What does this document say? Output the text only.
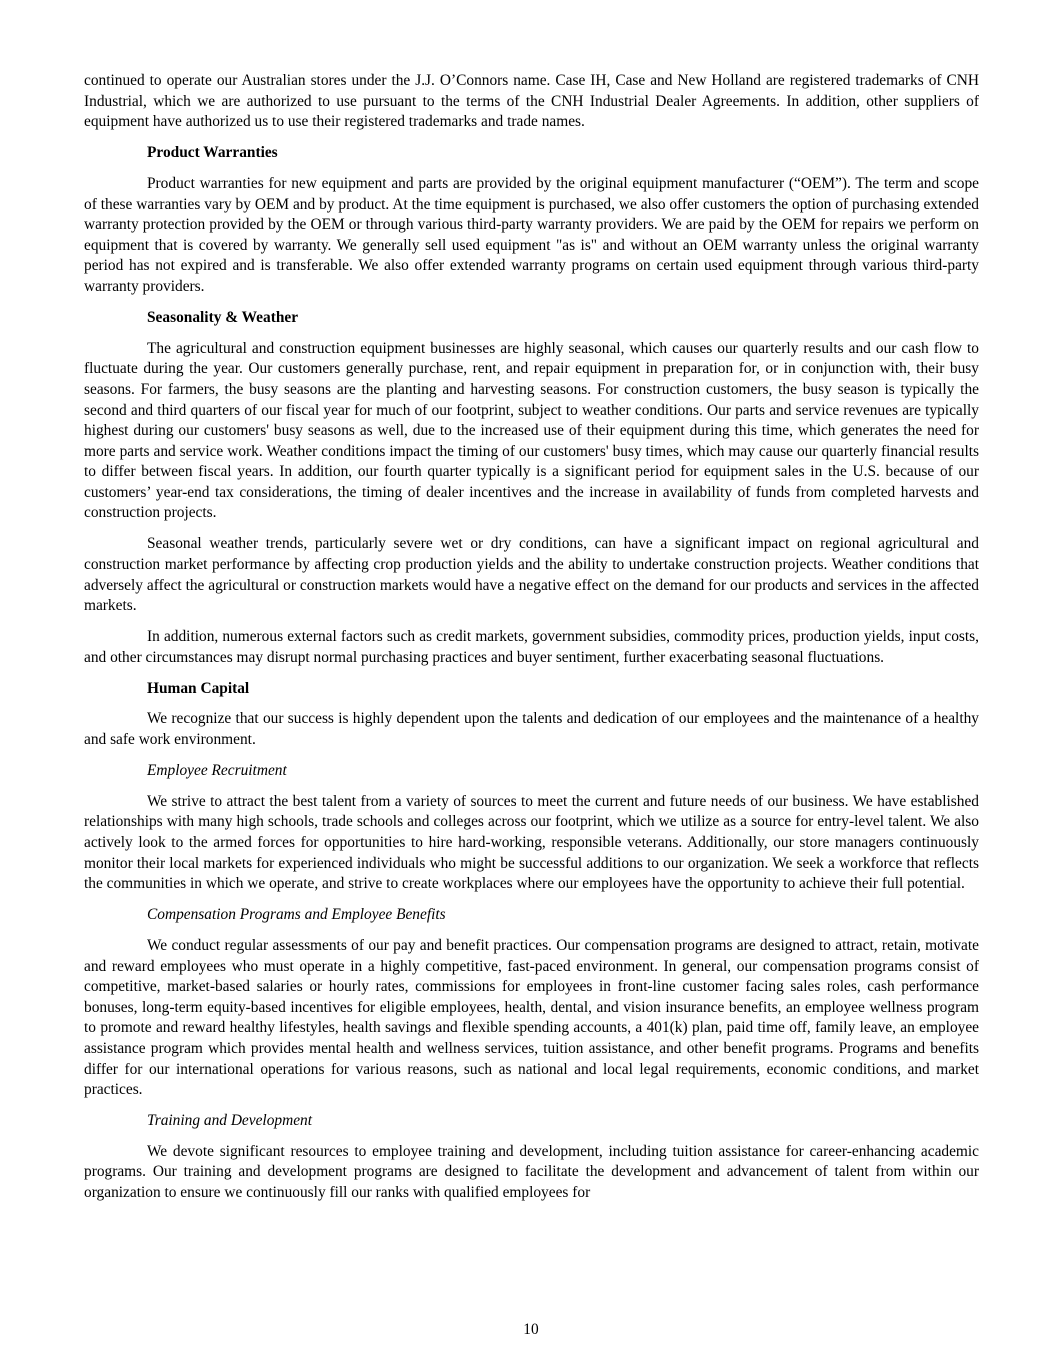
continued to operate our Australian stores under the J.J. O’Connors name. Case IH, Case and New Holland are registered trademarks of CNH Industrial, which we are authorized to use pursuant to the terms of the CNH Industrial Dealer Agreements. In addition, other suppliers of equipment have authorized us to use their registered trademarks and trade names.

Product Warranties

Product warranties for new equipment and parts are provided by the original equipment manufacturer (“OEM”). The term and scope of these warranties vary by OEM and by product. At the time equipment is purchased, we also offer customers the option of purchasing extended warranty protection provided by the OEM or through various third-party warranty providers. We are paid by the OEM for repairs we perform on equipment that is covered by warranty. We generally sell used equipment "as is" and without an OEM warranty unless the original warranty period has not expired and is transferable. We also offer extended warranty programs on certain used equipment through various third-party warranty providers.

Seasonality & Weather

The agricultural and construction equipment businesses are highly seasonal, which causes our quarterly results and our cash flow to fluctuate during the year. Our customers generally purchase, rent, and repair equipment in preparation for, or in conjunction with, their busy seasons. For farmers, the busy seasons are the planting and harvesting seasons. For construction customers, the busy season is typically the second and third quarters of our fiscal year for much of our footprint, subject to weather conditions. Our parts and service revenues are typically highest during our customers' busy seasons as well, due to the increased use of their equipment during this time, which generates the need for more parts and service work. Weather conditions impact the timing of our customers' busy times, which may cause our quarterly financial results to differ between fiscal years. In addition, our fourth quarter typically is a significant period for equipment sales in the U.S. because of our customers’ year-end tax considerations, the timing of dealer incentives and the increase in availability of funds from completed harvests and construction projects.

Seasonal weather trends, particularly severe wet or dry conditions, can have a significant impact on regional agricultural and construction market performance by affecting crop production yields and the ability to undertake construction projects. Weather conditions that adversely affect the agricultural or construction markets would have a negative effect on the demand for our products and services in the affected markets.

In addition, numerous external factors such as credit markets, government subsidies, commodity prices, production yields, input costs, and other circumstances may disrupt normal purchasing practices and buyer sentiment, further exacerbating seasonal fluctuations.

Human Capital

We recognize that our success is highly dependent upon the talents and dedication of our employees and the maintenance of a healthy and safe work environment.

Employee Recruitment

We strive to attract the best talent from a variety of sources to meet the current and future needs of our business. We have established relationships with many high schools, trade schools and colleges across our footprint, which we utilize as a source for entry-level talent. We also actively look to the armed forces for opportunities to hire hard-working, responsible veterans. Additionally, our store managers continuously monitor their local markets for experienced individuals who might be successful additions to our organization. We seek a workforce that reflects the communities in which we operate, and strive to create workplaces where our employees have the opportunity to achieve their full potential.

Compensation Programs and Employee Benefits

We conduct regular assessments of our pay and benefit practices. Our compensation programs are designed to attract, retain, motivate and reward employees who must operate in a highly competitive, fast-paced environment. In general, our compensation programs consist of competitive, market-based salaries or hourly rates, commissions for employees in front-line customer facing sales roles, cash performance bonuses, long-term equity-based incentives for eligible employees, health, dental, and vision insurance benefits, an employee wellness program to promote and reward healthy lifestyles, health savings and flexible spending accounts, a 401(k) plan, paid time off, family leave, an employee assistance program which provides mental health and wellness services, tuition assistance, and other benefit programs. Programs and benefits differ for our international operations for various reasons, such as national and local legal requirements, economic conditions, and market practices.

Training and Development

We devote significant resources to employee training and development, including tuition assistance for career-enhancing academic programs. Our training and development programs are designed to facilitate the development and advancement of talent from within our organization to ensure we continuously fill our ranks with qualified employees for

10
